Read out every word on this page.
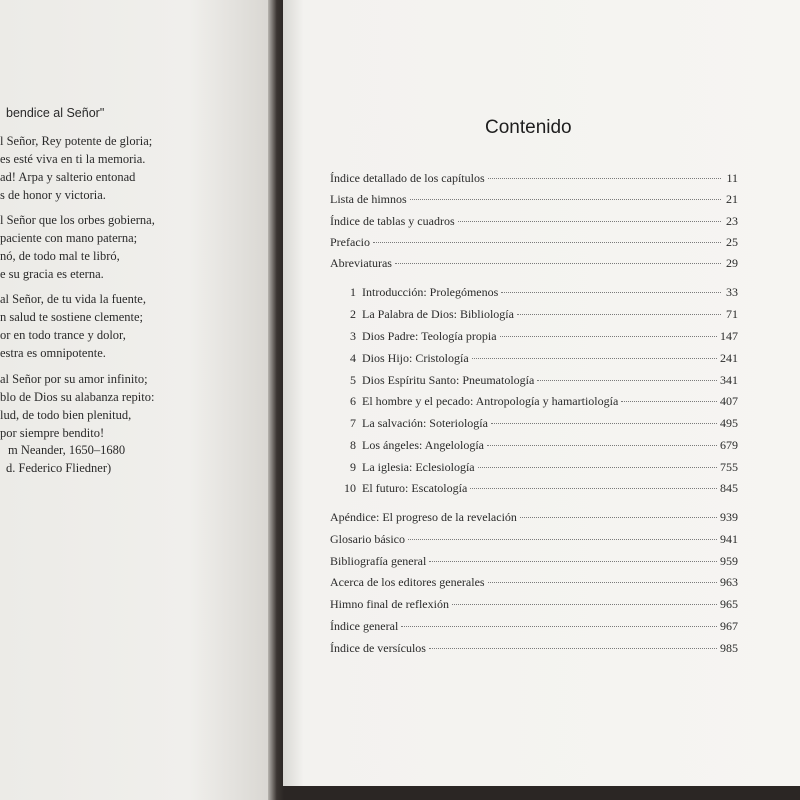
bendice al Señor"
l Señor, Rey potente de gloria;
es esté viva en ti la memoria.
ad! Arpa y salterio entonad
s de honor y victoria.
l Señor que los orbes gobierna,
paciente con mano paterna;
nó, de todo mal te libró,
e su gracia es eterna.
al Señor, de tu vida la fuente,
n salud te sostiene clemente;
or en todo trance y dolor,
estra es omnipotente.
al Señor por su amor infinito;
blo de Dios su alabanza repito:
lud, de todo bien plenitud,
por siempre bendito!
m Neander, 1650–1680
d. Federico Fliedner)
Contenido
Índice detallado de los capítulos	11
Lista de himnos	21
Índice de tablas y cuadros	23
Prefacio	25
Abreviaturas	29
1 Introducción: Prolegómenos	33
2 La Palabra de Dios: Bibliología	71
3 Dios Padre: Teología propia	147
4 Dios Hijo: Cristología	241
5 Dios Espíritu Santo: Pneumatología	341
6 El hombre y el pecado: Antropología y hamartiología	407
7 La salvación: Soteriología	495
8 Los ángeles: Angelología	679
9 La iglesia: Eclesiología	755
10 El futuro: Escatología	845
Apéndice: El progreso de la revelación	939
Glosario básico	941
Bibliografía general	959
Acerca de los editores generales	963
Himno final de reflexión	965
Índice general	967
Índice de versículos	985
